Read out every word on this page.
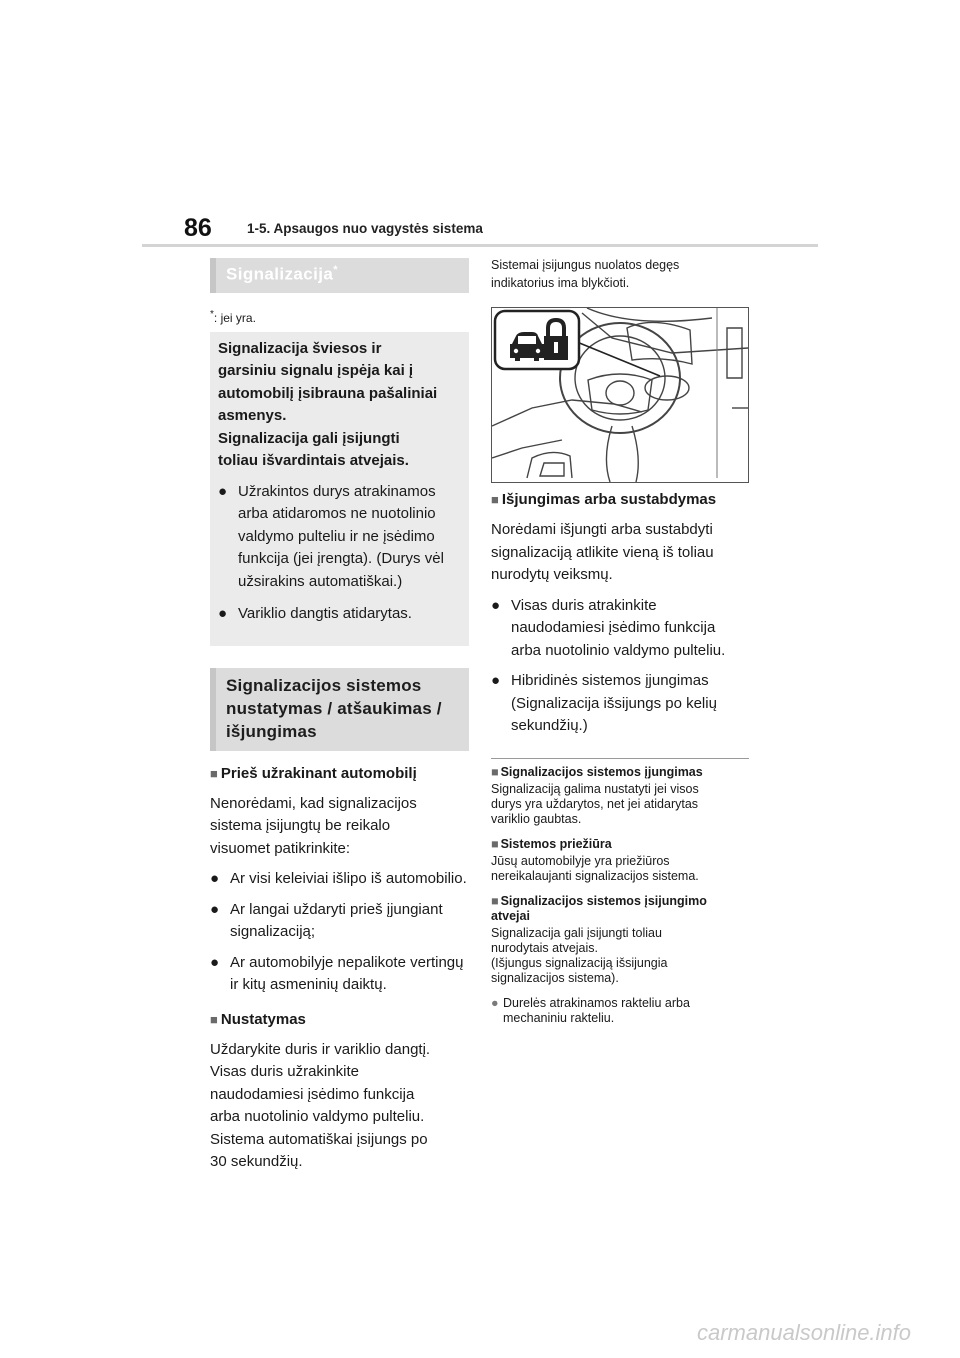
86	1-5. Apsaugos nuo vagystės sistema
Signalizacija*
*: jei yra.
Signalizacija šviesos ir
garsiniu signalu įspėja kai į
automobilį įsibrauna pašaliniai
asmenys.
Signalizacija gali įsijungti
toliau išvardintais atvejais.
● Užrakintos durys atrakinamos arba atidaromos ne nuotolinio valdymo pulteliu ir ne įsėdimo funkcija (jei įrengta). (Durys vėl užsirakins automatiškai.)
● Variklio dangtis atidarytas.
Signalizacijos sistemos nustatymas / atšaukimas / išjungimas
■ Prieš užrakinant automobilį
Nenorėdami, kad signalizacijos
sistema įsijungtų be reikalo
visuomet patikrinkite:
● Ar visi keleiviai išlipo iš automobilio.
● Ar langai uždaryti prieš įjungiant signalizaciją;
● Ar automobilyje nepalikote vertingų ir kitų asmeninių daiktų.
■ Nustatymas
Uždarykite duris ir variklio dangtį.
Visas duris užrakinkite
naudodamiesi įsėdimo funkcija
arba nuotolinio valdymo pulteliu.
Sistema automatiškai įsijungs po
30 sekundžių.
Sistemai įsijungus nuolatos degęs
indikatorius ima blykčioti.
■ Išjungimas arba sustabdymas
Norėdami išjungti arba sustabdyti
signalizaciją atlikite vieną iš toliau
nurodytų veiksmų.
● Visas duris atrakinkite naudodamiesi įsėdimo funkcija arba nuotolinio valdymo pulteliu.
● Hibridinės sistemos įjungimas (Signalizacija išsijungs po kelių sekundžių.)
■ Signalizacijos sistemos įjungimas
Signalizaciją galima nustatyti jei visos
durys yra uždarytos, net jei atidarytas
variklio gaubtas.
■ Sistemos priežiūra
Jūsų automobilyje yra priežiūros
nereikalaujanti signalizacijos sistema.
■ Signalizacijos sistemos įsijungimo atvejai
Signalizacija gali įsijungti toliau
nurodytais atvejais.
(Išjungus signalizaciją išsijungia
signalizacijos sistema).
● Durelės atrakinamos rakteliu arba
mechaniniu rakteliu.
carmanualsonline.info
